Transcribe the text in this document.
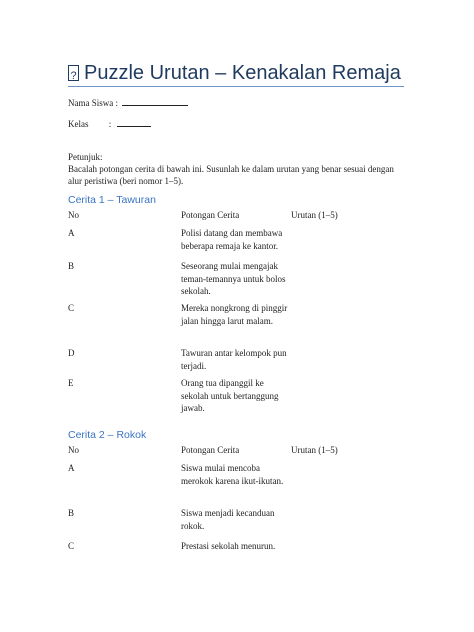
?Puzzle Urutan – Kenakalan Remaja
Nama Siswa :
Kelas :
Petunjuk:
Bacalah potongan cerita di bawah ini. Susunlah ke dalam urutan yang benar sesuai dengan
alur peristiwa (beri nomor 1–5).
Cerita 1 – Tawuran
No	Potongan Cerita	Urutan (1–5)
A	Polisi datang dan membawa beberapa remaja ke kantor.
B	Seseorang mulai mengajak teman-temannya untuk bolos sekolah.
C	Mereka nongkrong di pinggir jalan hingga larut malam.
D	Tawuran antar kelompok pun terjadi.
E	Orang tua dipanggil ke sekolah untuk bertanggung jawab.
Cerita 2 – Rokok
No	Potongan Cerita	Urutan (1–5)
A	Siswa mulai mencoba merokok karena ikut-ikutan.
B	Siswa menjadi kecanduan rokok.
C	Prestasi sekolah menurun.
